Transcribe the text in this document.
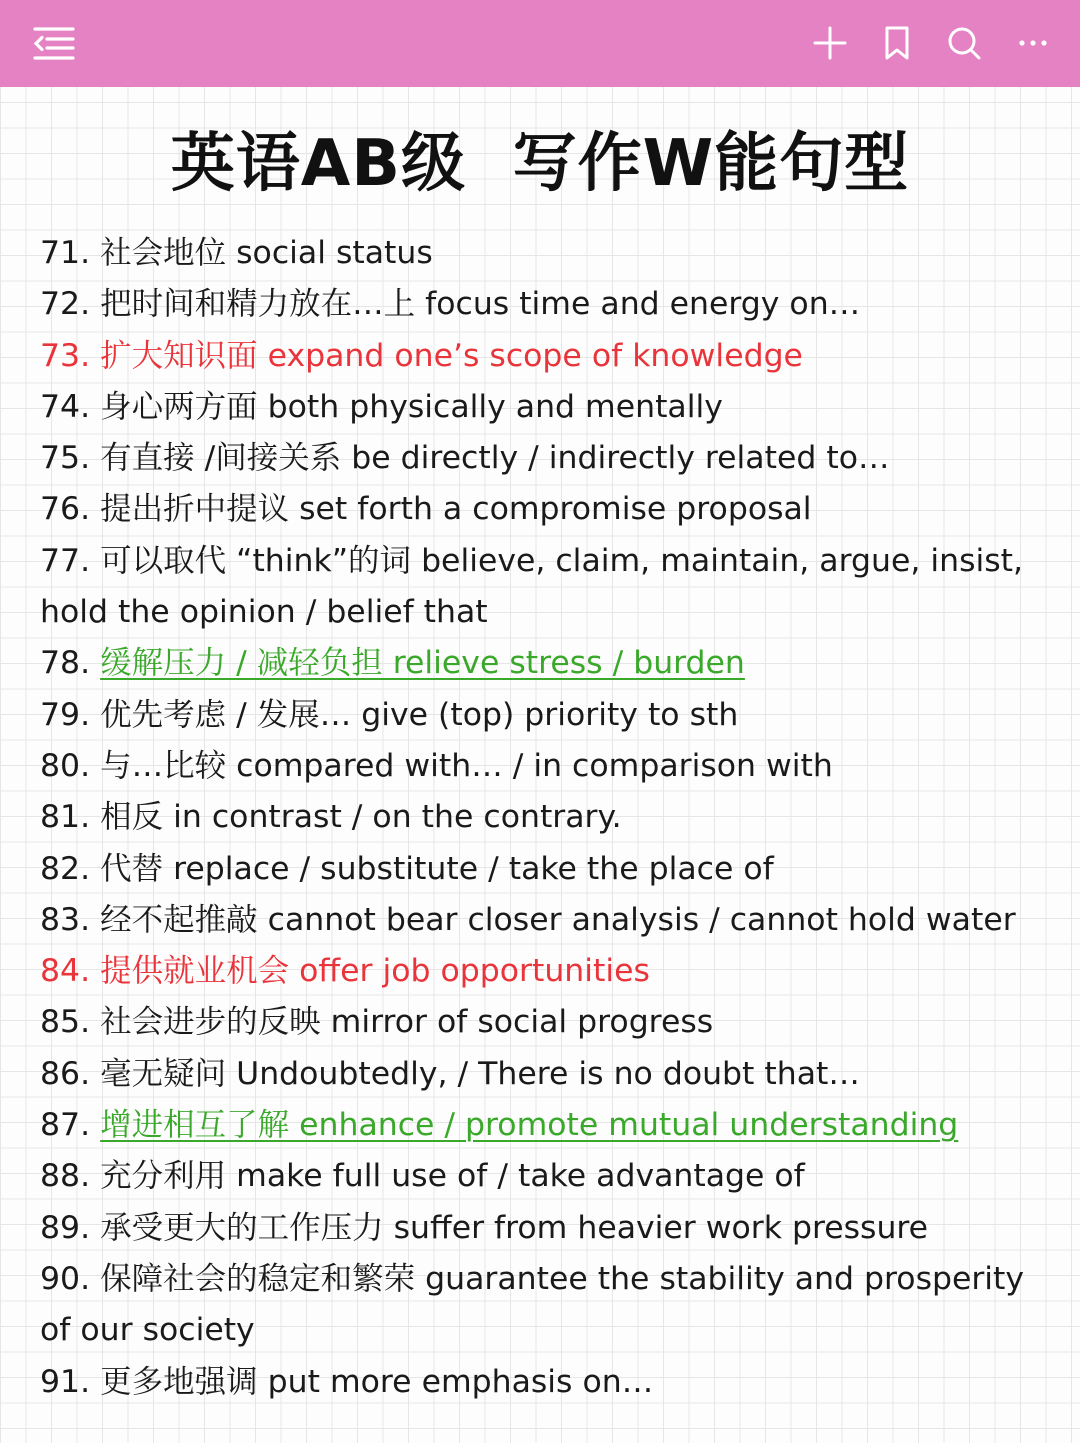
英语AB级  写作W能句型
71. 社会地位 social status
72. 把时间和精力放在…上 focus time and energy on…
73. 扩大知识面 expand one’s scope of knowledge
74. 身心两方面 both physically and mentally
75. 有直接 /间接关系 be directly / indirectly related to…
76. 提出折中提议 set forth a compromise proposal
77. 可以取代 “think”的词 believe, claim, maintain, argue, insist, hold the opinion / belief that
78. 缓解压力 / 减轻负担 relieve stress / burden
79. 优先考虑 / 发展… give (top) priority to sth
80. 与…比较 compared with… / in comparison with
81. 相反 in contrast / on the contrary.
82. 代替 replace / substitute / take the place of
83. 经不起推敲 cannot bear closer analysis / cannot hold water
84. 提供就业机会 offer job opportunities
85. 社会进步的反映 mirror of social progress
86. 毫无疑问 Undoubtedly, / There is no doubt that…
87. 增进相互了解 enhance / promote mutual understanding
88. 充分利用 make full use of / take advantage of
89. 承受更大的工作压力 suffer from heavier work pressure
90. 保障社会的稳定和繁荣 guarantee the stability and prosperity of our society
91. 更多地强调 put more emphasis on…
